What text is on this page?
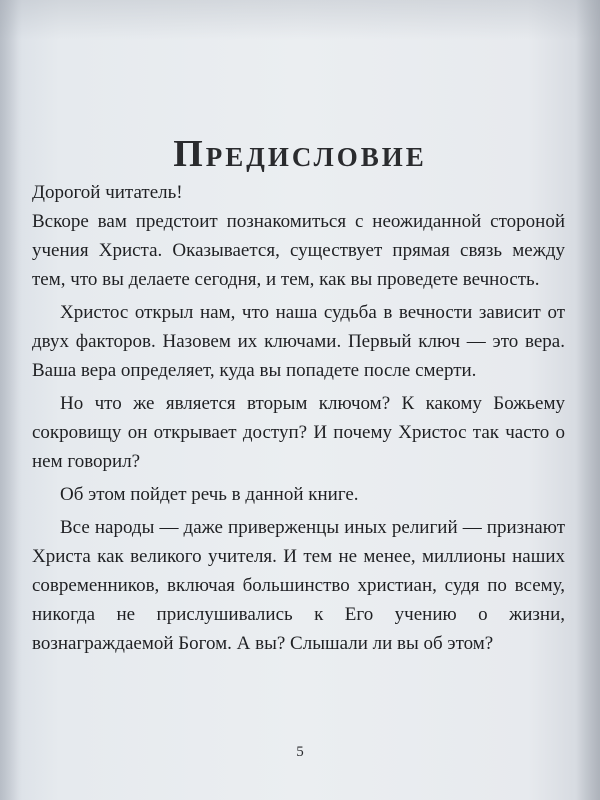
Предисловие

Дорогой читатель!

Вскоре вам предстоит познакомиться с неожиданной стороной учения Христа. Оказывается, существует прямая связь между тем, что вы делаете сегодня, и тем, как вы проведете вечность.

Христос открыл нам, что наша судьба в вечности зависит от двух факторов. Назовем их ключами. Первый ключ — это вера. Ваша вера определяет, куда вы попадете после смерти.

Но что же является вторым ключом? К какому Божьему сокровищу он открывает доступ? И почему Христос так часто о нем говорил?

Об этом пойдет речь в данной книге.

Все народы — даже приверженцы иных религий — признают Христа как великого учителя. И тем не менее, миллионы наших современников, включая большинство христиан, судя по всему, никогда не прислушивались к Его учению о жизни, вознаграждаемой Богом. А вы? Слышали ли вы об этом?

5
